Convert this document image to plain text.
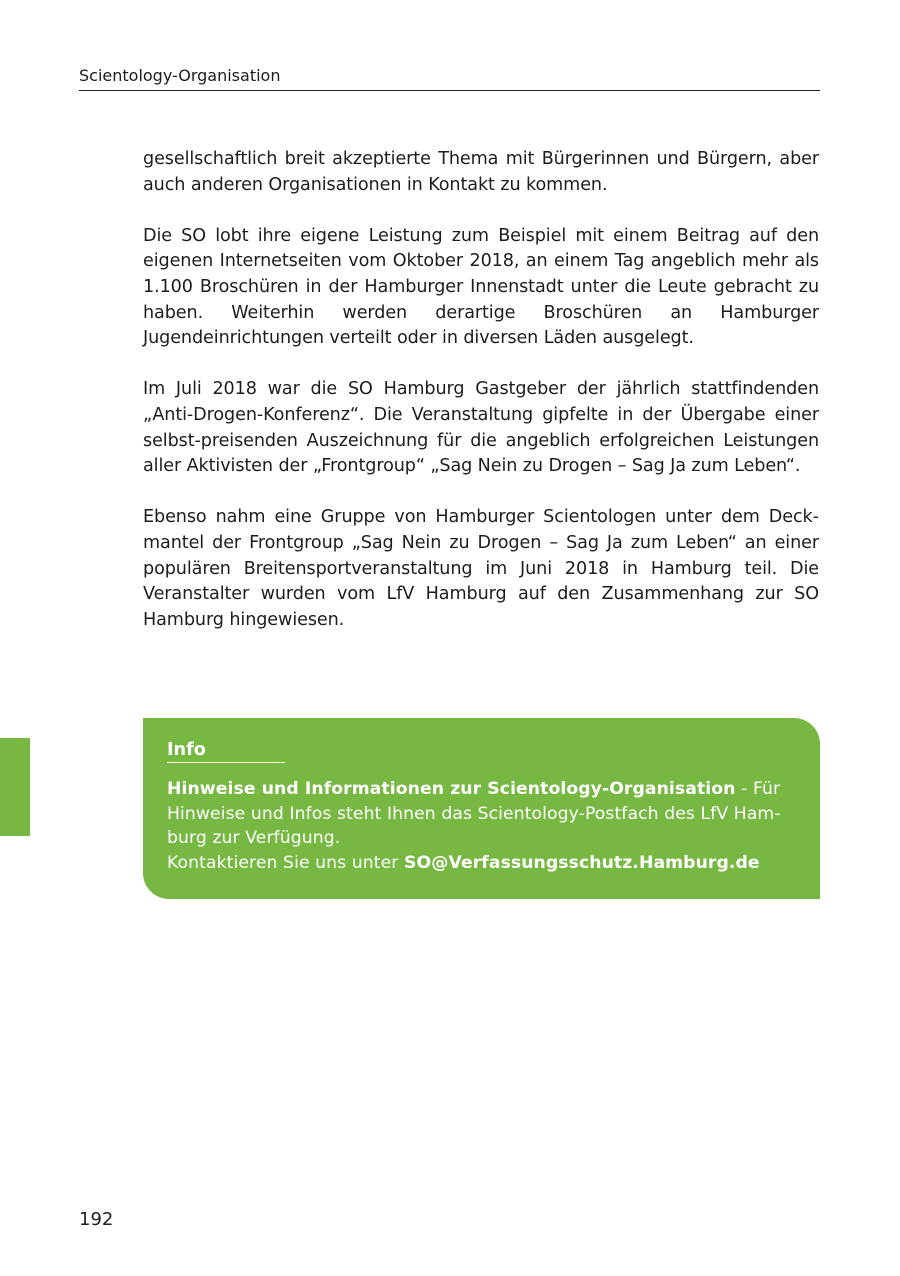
Scientology-Organisation

gesellschaftlich breit akzeptierte Thema mit Bürgerinnen und Bürgern, aber auch anderen Organisationen in Kontakt zu kommen.

Die SO lobt ihre eigene Leistung zum Beispiel mit einem Beitrag auf den eigenen Internetseiten vom Oktober 2018, an einem Tag angeblich mehr als 1.100 Broschüren in der Hamburger Innenstadt unter die Leute gebracht zu haben. Weiterhin werden derartige Broschüren an Hamburger Jugendeinrichtungen verteilt oder in diversen Läden ausgelegt.

Im Juli 2018 war die SO Hamburg Gastgeber der jährlich stattfindenden „Anti-Drogen-Konferenz“. Die Veranstaltung gipfelte in der Übergabe einer selbst-preisenden Auszeichnung für die angeblich erfolgreichen Leistungen aller Aktivisten der „Frontgroup“ „Sag Nein zu Drogen – Sag Ja zum Leben“.

Ebenso nahm eine Gruppe von Hamburger Scientologen unter dem Deckmantel der Frontgroup „Sag Nein zu Drogen – Sag Ja zum Leben“ an einer populären Breitensportveranstaltung im Juni 2018 in Hamburg teil. Die Veranstalter wurden vom LfV Hamburg auf den Zusammenhang zur SO Hamburg hingewiesen.

Info
Hinweise und Informationen zur Scientology-Organisation - Für Hinweise und Infos steht Ihnen das Scientology-Postfach des LfV Hamburg zur Verfügung.
Kontaktieren Sie uns unter SO@Verfassungsschutz.Hamburg.de
192
